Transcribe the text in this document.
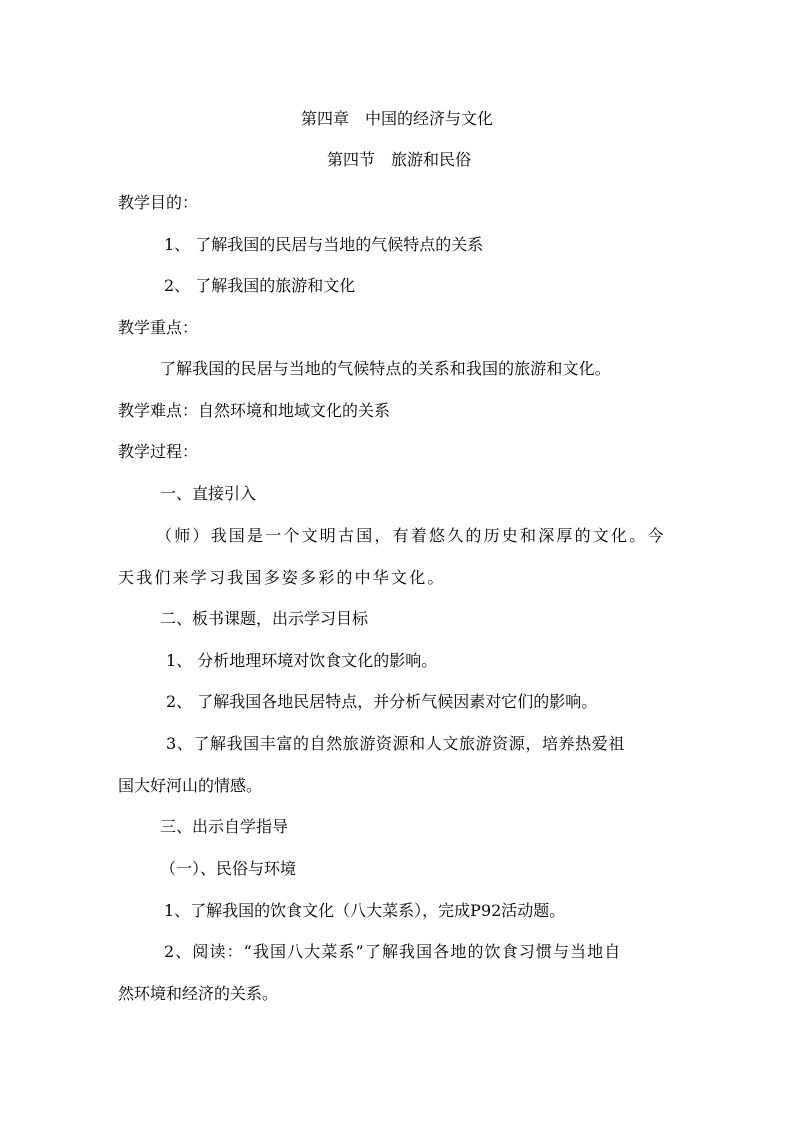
第四章　中国的经济与文化
第四节　旅游和民俗
教学目的：
1、 了解我国的民居与当地的气候特点的关系
2、 了解我国的旅游和文化
教学重点：
了解我国的民居与当地的气候特点的关系和我国的旅游和文化。
教学难点：自然环境和地域文化的关系
教学过程：
一、直接引入
（师）我国是一个文明古国，有着悠久的历史和深厚的文化。今
天我们来学习我国多姿多彩的中华文化。
二、板书课题，出示学习目标
1、 分析地理环境对饮食文化的影响。
2、 了解我国各地民居特点，并分析气候因素对它们的影响。
3、了解我国丰富的自然旅游资源和人文旅游资源，培养热爱祖
国大好河山的情感。
三、出示自学指导
（一）、民俗与环境
1、了解我国的饮食文化（八大菜系），完成P92活动题。
2、阅读：“我国八大菜系”了解我国各地的饮食习惯与当地自
然环境和经济的关系。
